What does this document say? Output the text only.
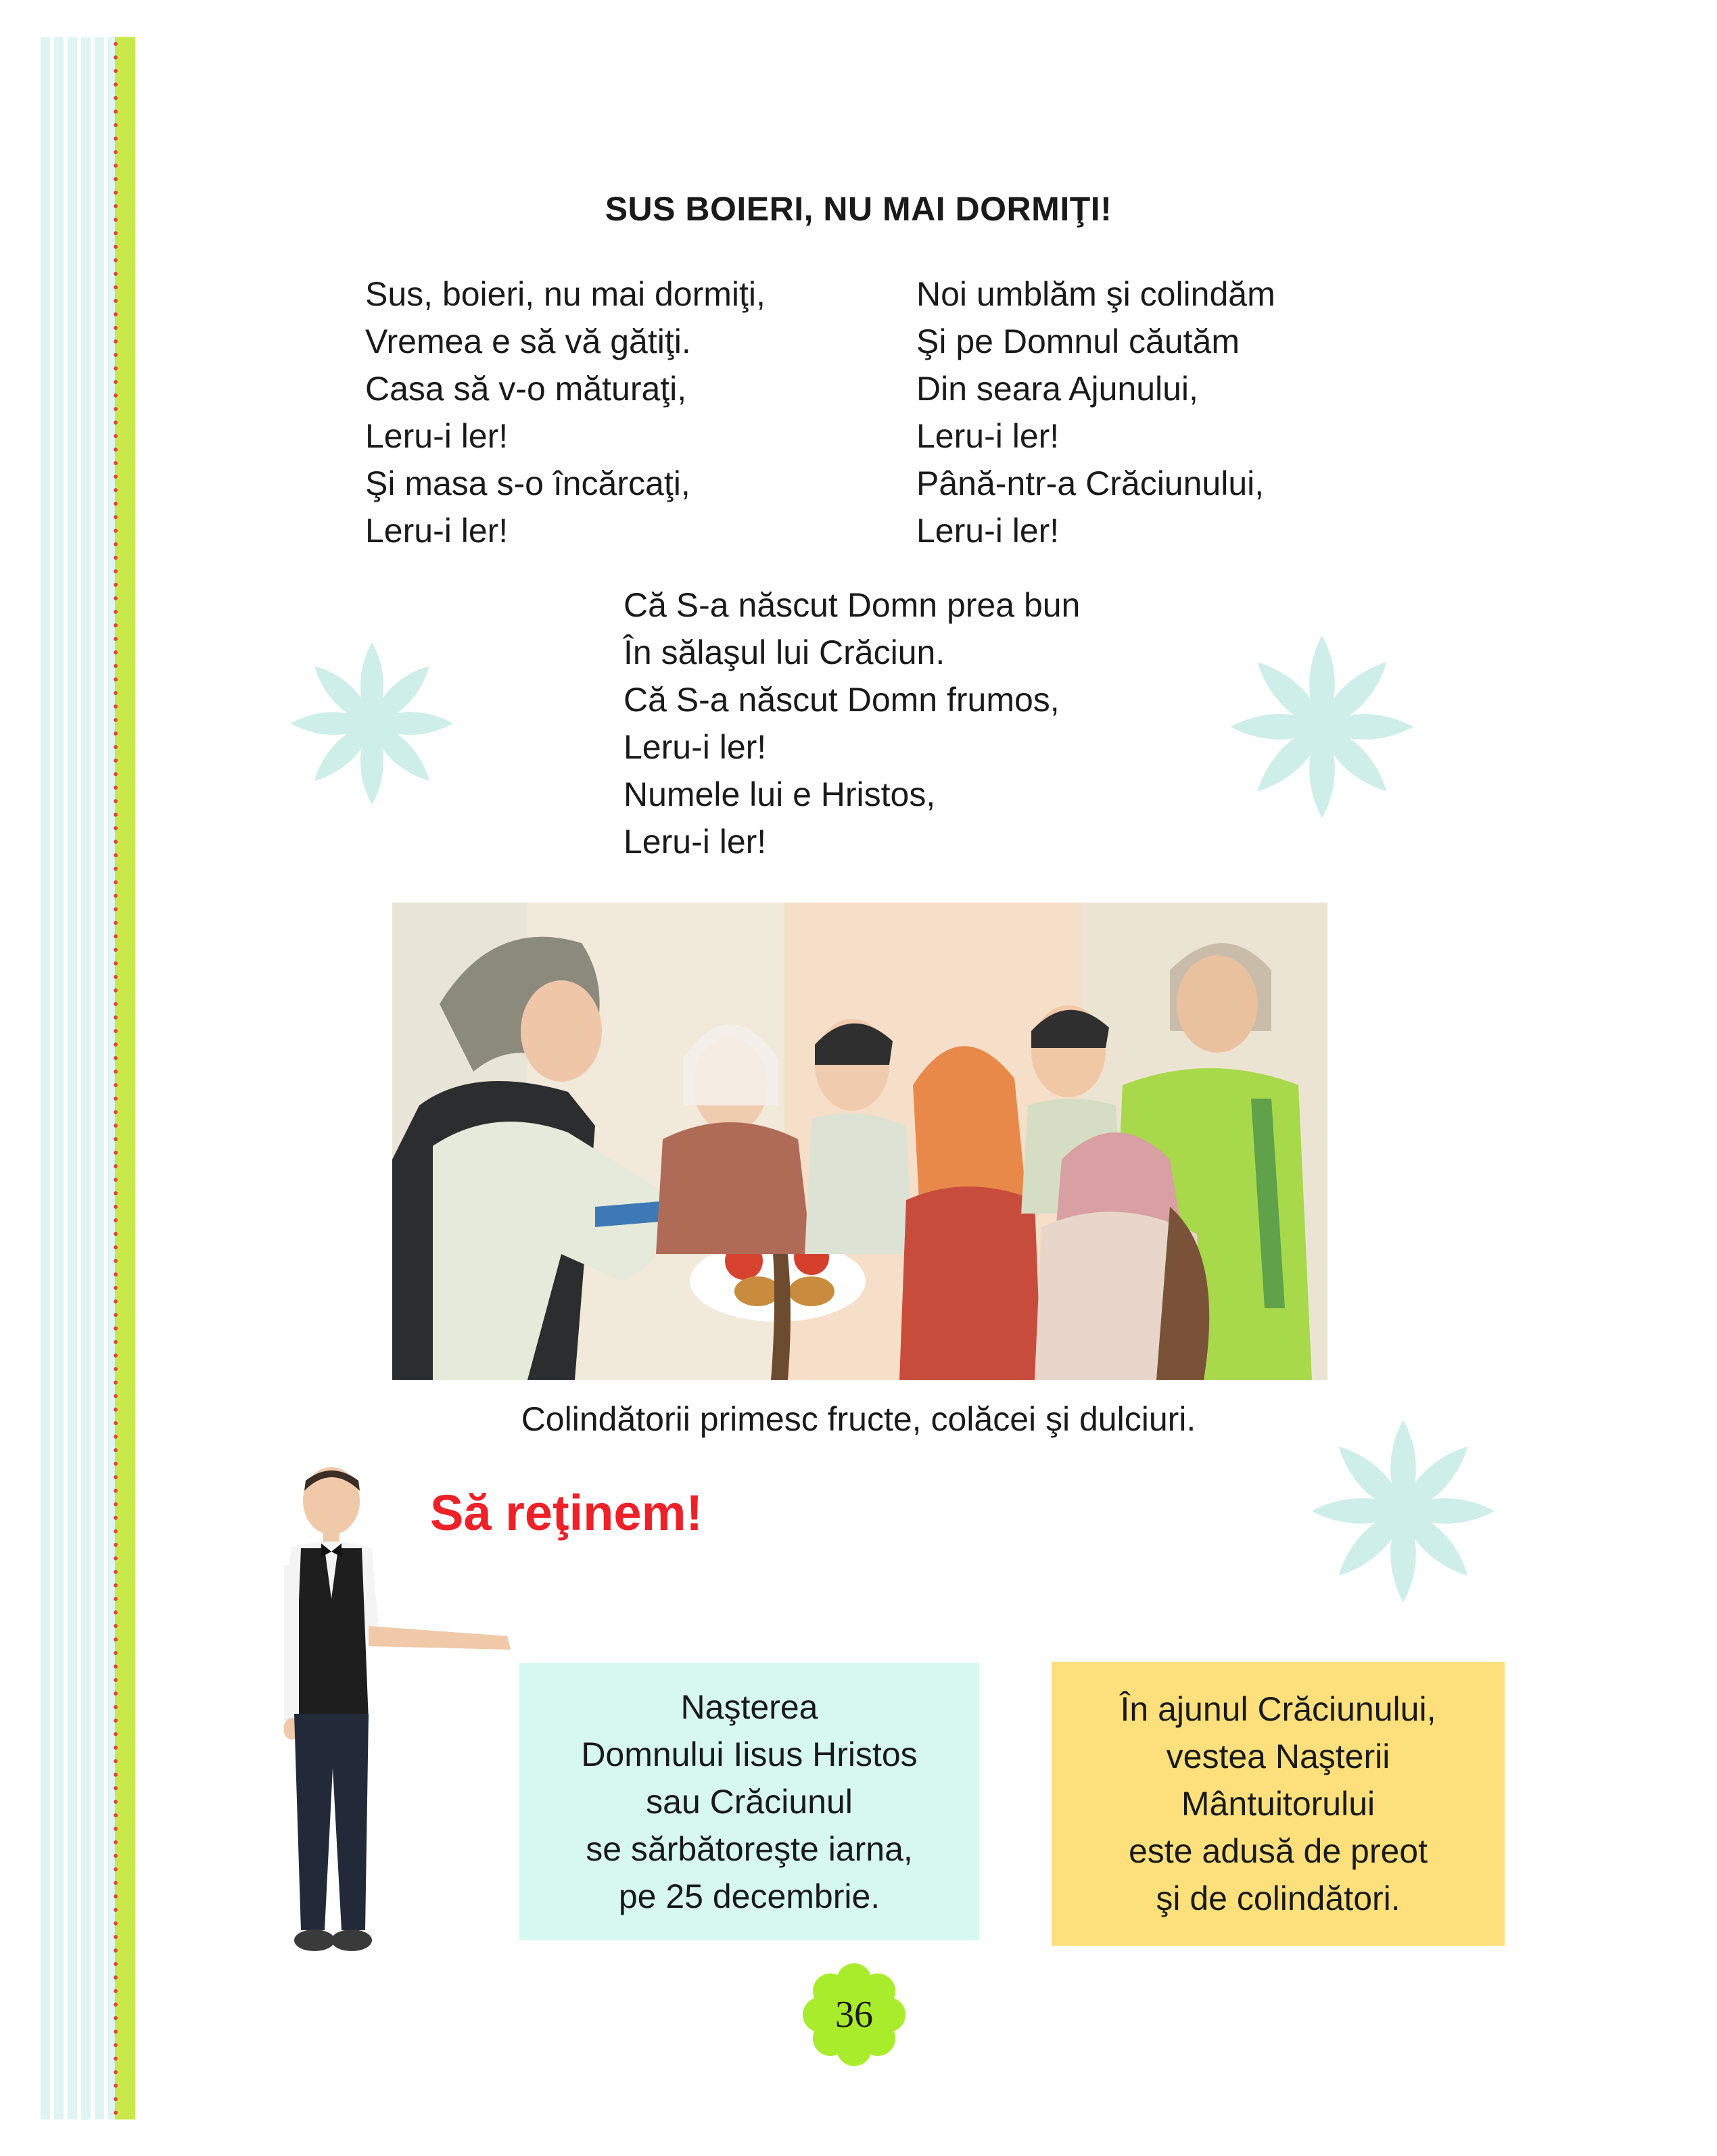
SUS BOIERI, NU MAI DORMIŢI!
Sus, boieri, nu mai dormiţi,
Vremea e să vă gătiţi.
Casa să v-o măturaţi,
Leru-i ler!
Şi masa s-o încărcaţi,
Leru-i ler!
Noi umblăm şi colindăm
Şi pe Domnul căutăm
Din seara Ajunului,
Leru-i ler!
Până-ntr-a Crăciunului,
Leru-i ler!
Că S-a născut Domn prea bun
În sălaşul lui Crăciun.
Că S-a născut Domn frumos,
Leru-i ler!
Numele lui e Hristos,
Leru-i ler!
Colindătorii primesc fructe, colăcei şi dulciuri.
Să reţinem!
Naşterea
Domnului Iisus Hristos
sau Crăciunul
se sărbătoreşte iarna,
pe 25 decembrie.
În ajunul Crăciunului,
vestea Naşterii
Mântuitorului
este adusă de preot
şi de colindători.
36
